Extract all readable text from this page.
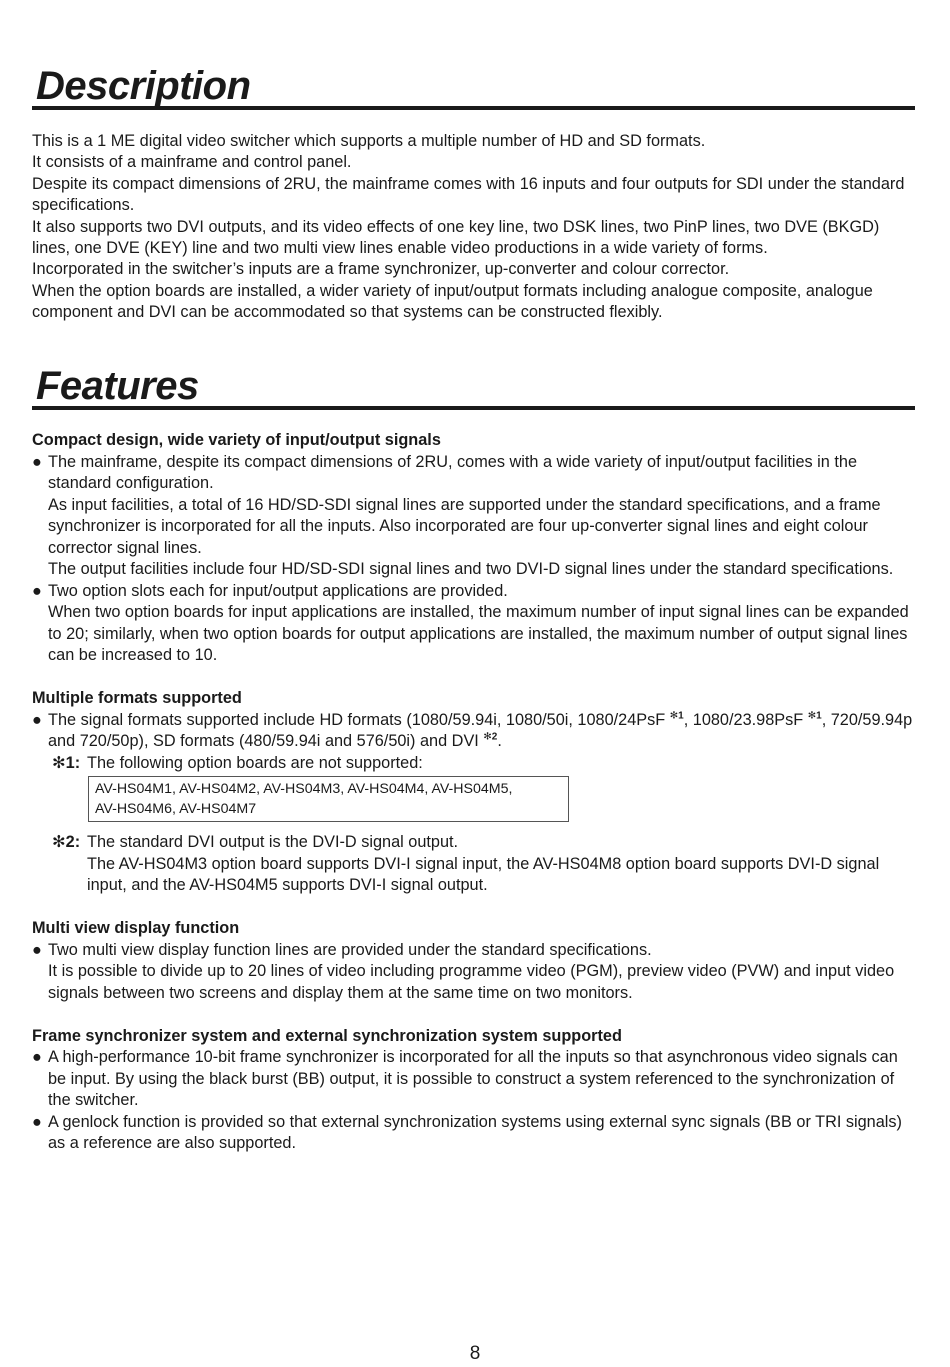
Description

This is a 1 ME digital video switcher which supports a multiple number of HD and SD formats.

It consists of a mainframe and control panel.

Despite its compact dimensions of 2RU, the mainframe comes with 16 inputs and four outputs for SDI under the standard specifications.

It also supports two DVI outputs, and its video effects of one key line, two DSK lines, two PinP lines, two DVE (BKGD) lines, one DVE (KEY) line and two multi view lines enable video productions in a wide variety of forms.

Incorporated in the switcher’s inputs are a frame synchronizer, up-converter and colour corrector.

When the option boards are installed, a wider variety of input/output formats including analogue composite, analogue component and DVI can be accommodated so that systems can be constructed flexibly.

Features
Compact design, wide variety of input/output signals
● The mainframe, despite its compact dimensions of 2RU, comes with a wide variety of input/output facilities in the standard configuration.

As input facilities, a total of 16 HD/SD-SDI signal lines are supported under the standard specifications, and a frame synchronizer is incorporated for all the inputs. Also incorporated are four up-converter signal lines and eight colour corrector signal lines.

The output facilities include four HD/SD-SDI signal lines and two DVI-D signal lines under the standard specifications.

● Two option slots each for input/output applications are provided.

When two option boards for input applications are installed, the maximum number of input signal lines can be expanded to 20; similarly, when two option boards for output applications are installed, the maximum number of output signal lines can be increased to 10.

Multiple formats supported
● The signal formats supported include HD formats (1080/59.94i, 1080/50i, 1080/24PsF $^{✻1}$, 1080/23.98PsF $^{✻1}$, 720/59.94p and 720/50p), SD formats (480/59.94i and 576/50i) and DVI $^{✻2}$.

✻1: The following option boards are not supported:

AV-HS04M1, AV-HS04M2, AV-HS04M3, AV-HS04M4, AV-HS04M5,
AV-HS04M6, AV-HS04M7
✻2: The standard DVI output is the DVI-D signal output.

The AV-HS04M3 option board supports DVI-I signal input, the AV-HS04M8 option board supports DVI-D signal input, and the AV-HS04M5 supports DVI-I signal output.

Multi view display function
● Two multi view display function lines are provided under the standard specifications.

It is possible to divide up to 20 lines of video including programme video (PGM), preview video (PVW) and input video signals between two screens and display them at the same time on two monitors.

Frame synchronizer system and external synchronization system supported
● A high-performance 10-bit frame synchronizer is incorporated for all the inputs so that asynchronous video signals can be input. By using the black burst (BB) output, it is possible to construct a system referenced to the synchronization of the switcher.

● A genlock function is provided so that external synchronization systems using external sync signals (BB or TRI signals) as a reference are also supported.

8
